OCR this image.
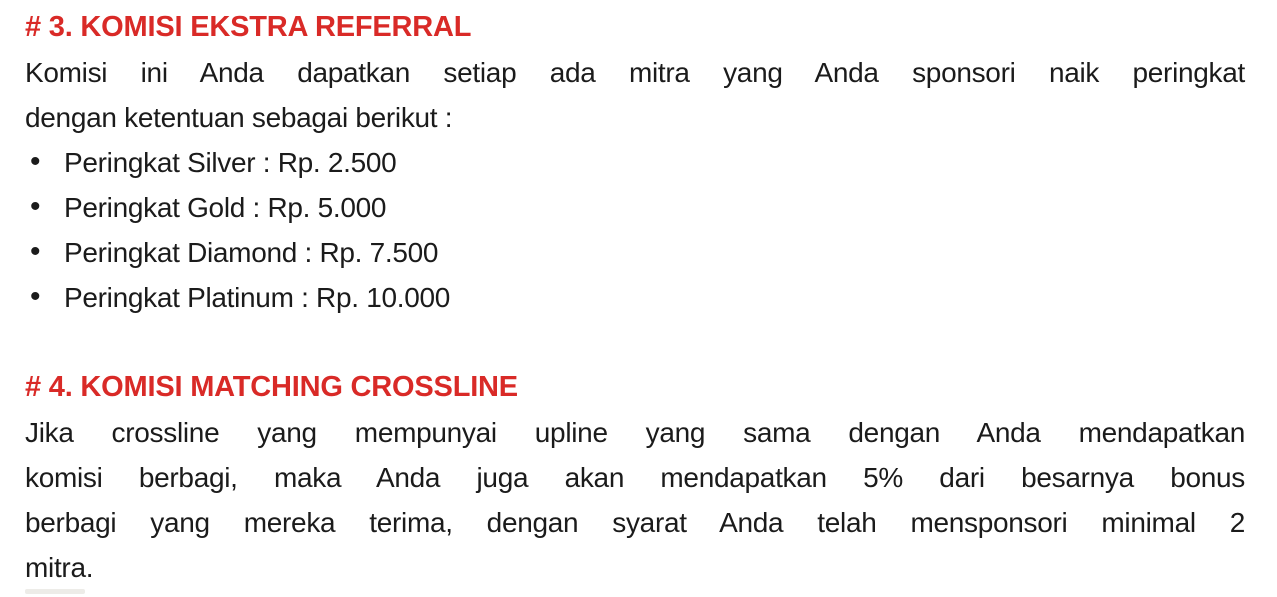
# 3. KOMISI EKSTRA REFERRAL
Komisi ini Anda dapatkan setiap ada mitra yang Anda sponsori naik peringkat
dengan ketentuan sebagai berikut :
• Peringkat Silver : Rp. 2.500
• Peringkat Gold : Rp. 5.000
• Peringkat Diamond : Rp. 7.500
• Peringkat Platinum : Rp. 10.000
# 4. KOMISI MATCHING CROSSLINE
Jika crossline yang mempunyai upline yang sama dengan Anda mendapatkan
komisi berbagi, maka Anda juga akan mendapatkan 5% dari besarnya bonus
berbagi yang mereka terima, dengan syarat Anda telah mensponsori minimal 2
mitra.
